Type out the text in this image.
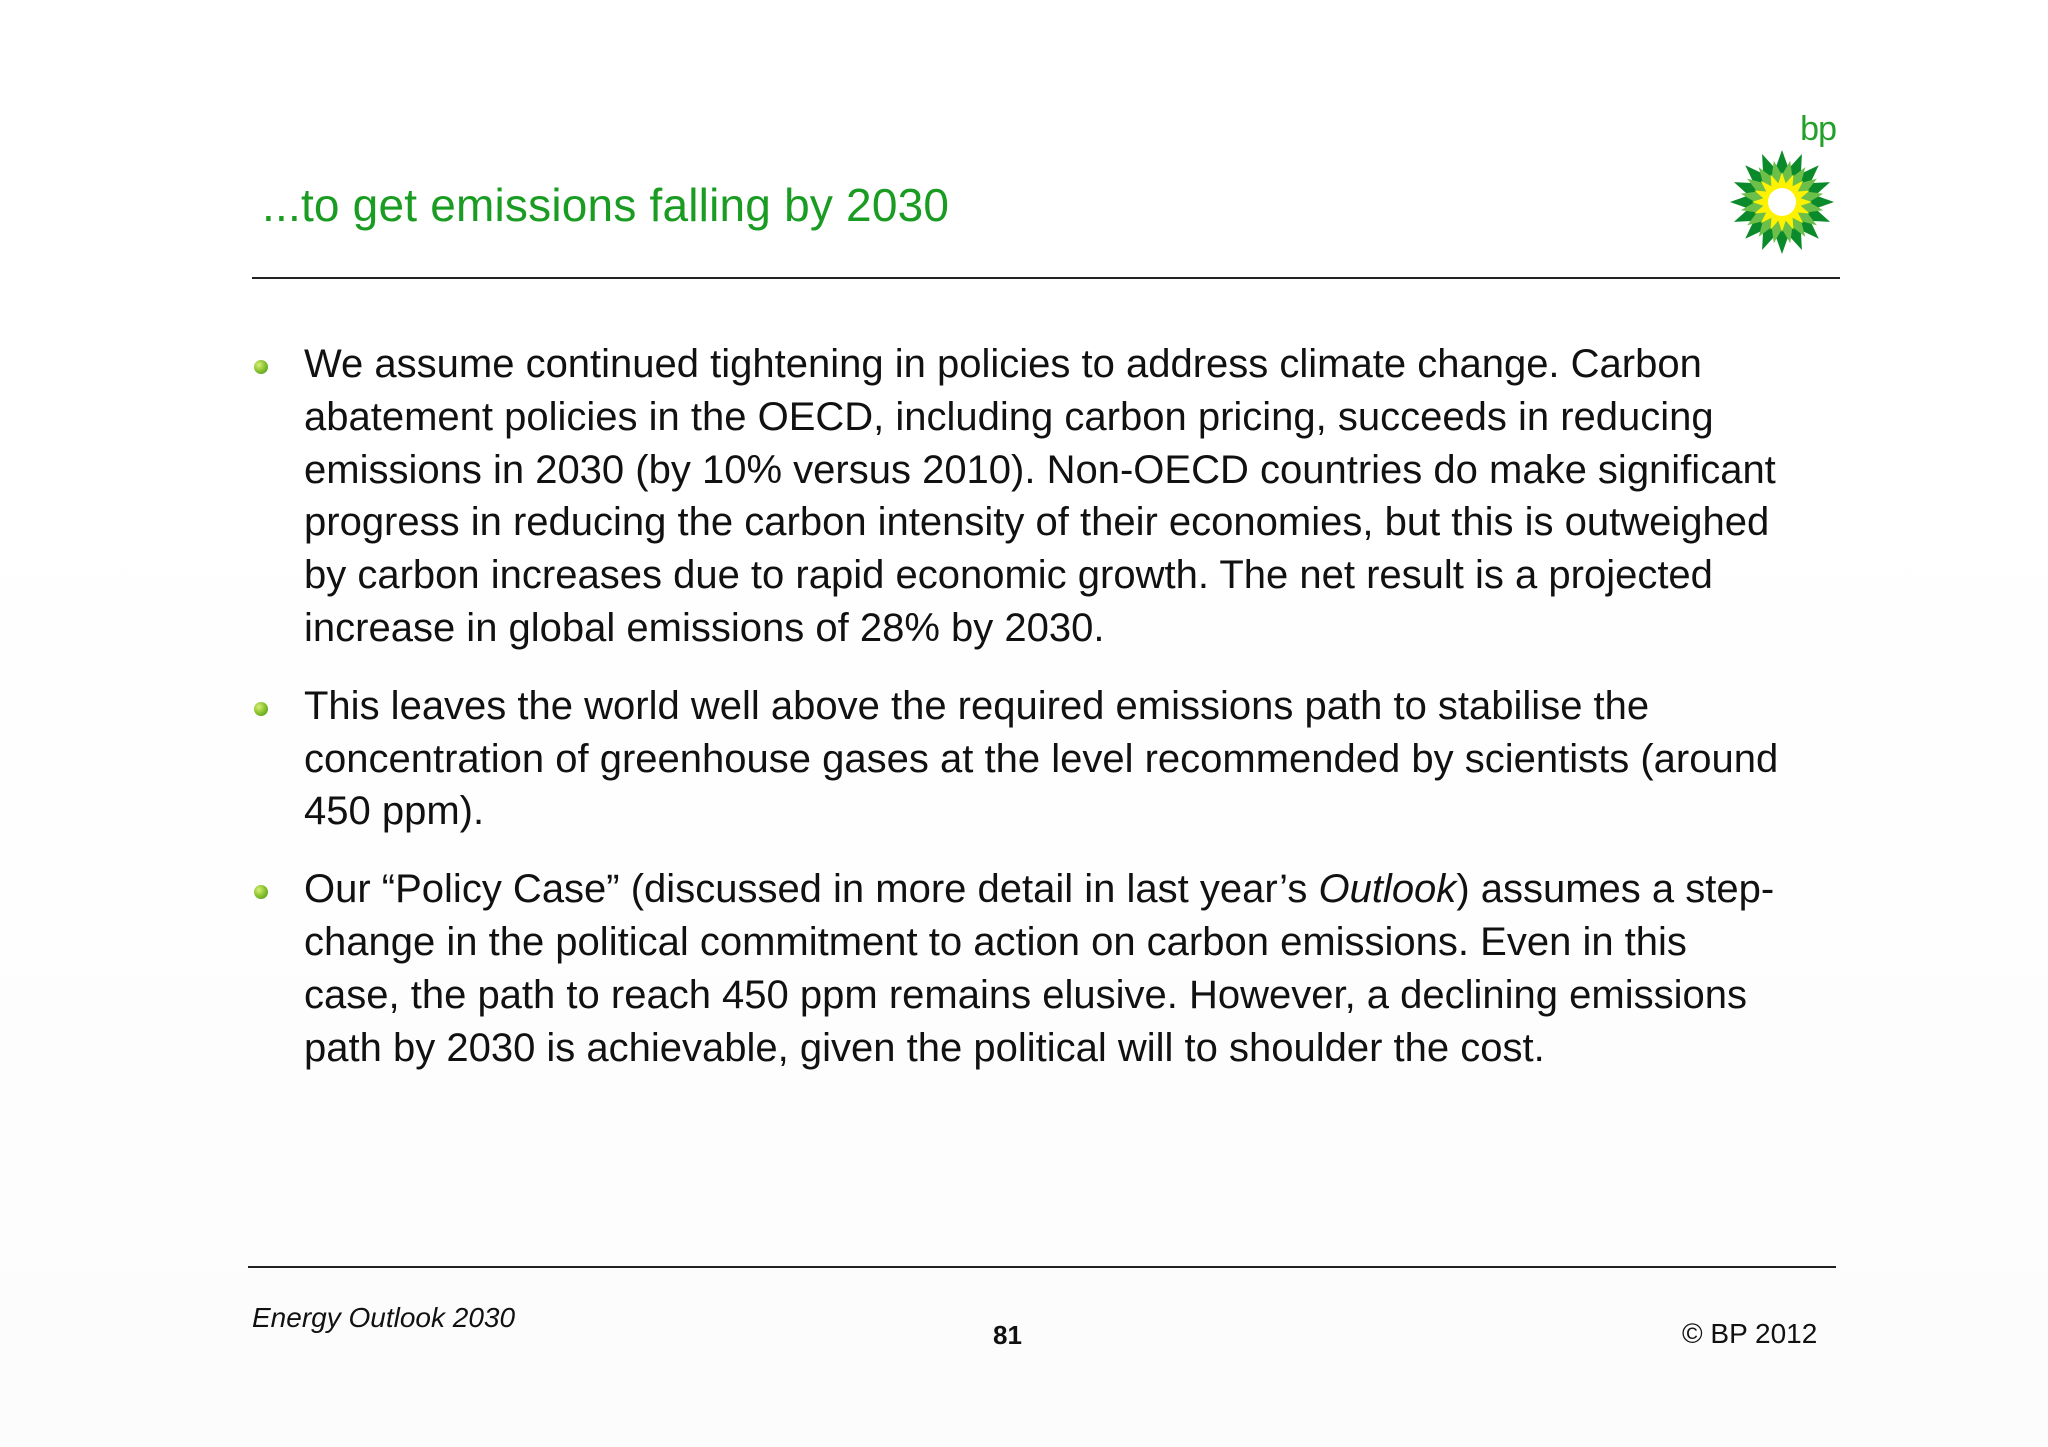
...to get emissions falling by 2030
bp
We assume continued tightening in policies to address climate change. Carbon abatement policies in the OECD, including carbon pricing, succeeds in reducing emissions in 2030 (by 10% versus 2010). Non-OECD countries do make significant progress in reducing the carbon intensity of their economies, but this is outweighed by carbon increases due to rapid economic growth. The net result is a projected increase in global emissions of 28% by 2030.
This leaves the world well above the required emissions path to stabilise the concentration of greenhouse gases at the level recommended by scientists (around 450 ppm).
Our “Policy Case” (discussed in more detail in last year’s Outlook) assumes a step-change in the political commitment to action on carbon emissions. Even in this case, the path to reach 450 ppm remains elusive. However, a declining emissions path by 2030 is achievable, given the political will to shoulder the cost.
Energy Outlook 2030
81	© BP 2012
